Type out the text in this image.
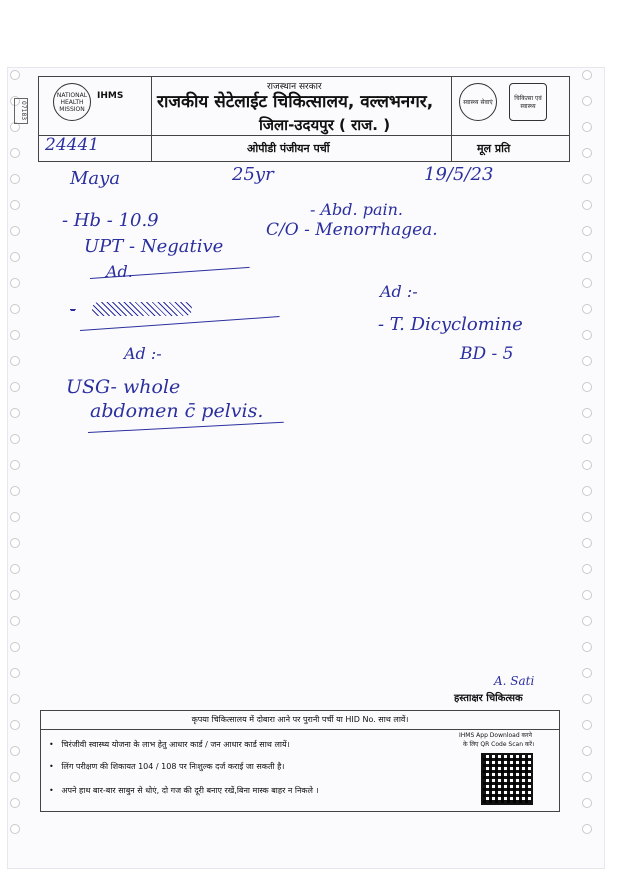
07183
NATIONAL HEALTH MISSION
IHMS
राजस्थान सरकार
राजकीय सेटेलाईट चिकित्सालय, वल्लभनगर,
जिला-उदयपुर ( राज. )
स्वास्थ्य सेवाएं
चिकित्सा एवं स्वास्थ्य
24441	ओपीडी पंजीयन पर्ची	मूल प्रति
Maya	25yr	19/5/23
- Hb - 10.9
UPT - Negative
Ad.
- Abd. pain.
C/O - Menorrhagea.
-
Ad :-
USG- whole
abdomen c̄ pelvis.
Ad :-
- T. Dicyclomine
BD - 5
A. Sati
हस्ताक्षर चिकित्सक
कृपया चिकित्सालय में दोबारा आने पर पुरानी पर्ची या HID No. साथ लावें।
•   चिरंजीवी स्वास्थ्य योजना के लाभ हेतु आधार कार्ड / जन आधार कार्ड साथ लायें।
•   लिंग परीक्षण की शिकायत 104 / 108 पर निःशुल्क दर्ज कराई जा सकती है।
•   अपने हाथ बार-बार साबुन से धोएं, दो गज की दूरी बनाए रखें,बिना मास्क बाहर न निकले ।
IHMS App Download करने
के लिए QR Code Scan करें।
